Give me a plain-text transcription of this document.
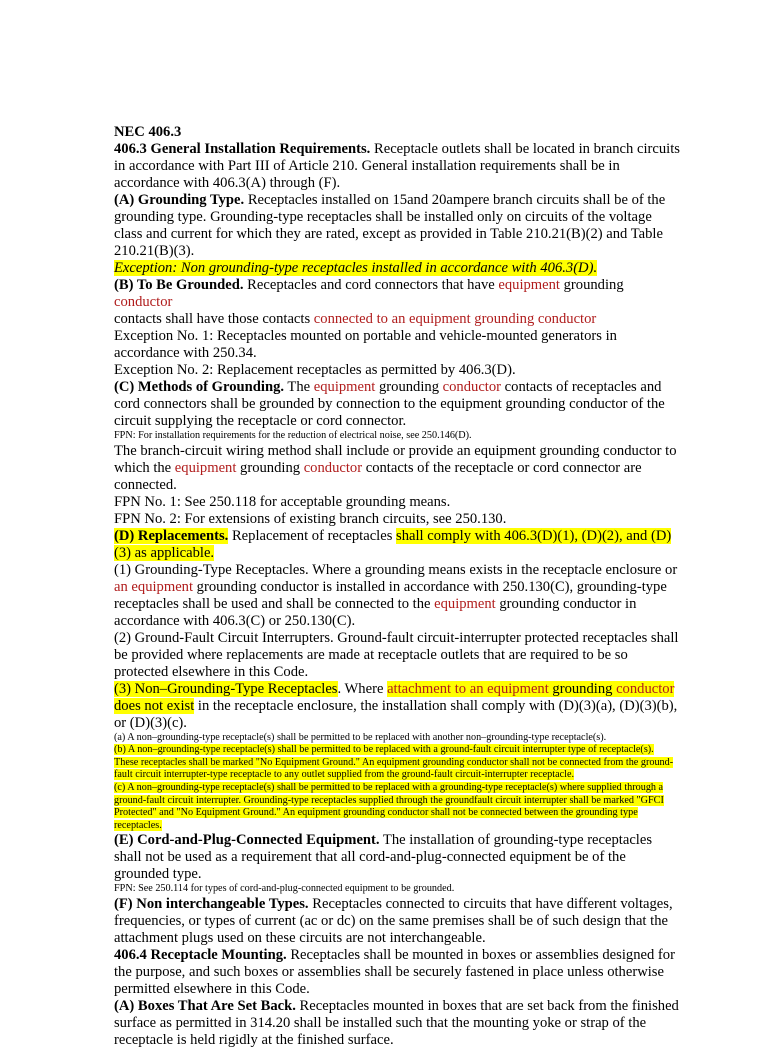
NEC 406.3

406.3 General Installation Requirements. Receptacle outlets shall be located in branch circuits in accordance with Part III of Article 210. General installation requirements shall be in accordance with 406.3(A) through (F).

(A) Grounding Type. Receptacles installed on 15and 20ampere branch circuits shall be of the grounding type. Grounding-type receptacles shall be installed only on circuits of the voltage class and current for which they are rated, except as provided in Table 210.21(B)(2) and Table 210.21(B)(3).

Exception: Non grounding-type receptacles installed in accordance with 406.3(D).

(B) To Be Grounded. Receptacles and cord connectors that have equipment grounding conductor
contacts shall have those contacts connected to an equipment grounding conductor

Exception No. 1: Receptacles mounted on portable and vehicle-mounted generators in accordance with 250.34.

Exception No. 2: Replacement receptacles as permitted by 406.3(D).

(C) Methods of Grounding. The equipment grounding conductor contacts of receptacles and cord connectors shall be grounded by connection to the equipment grounding conductor of the circuit supplying the receptacle or cord connector.

FPN: For installation requirements for the reduction of electrical noise, see 250.146(D).

The branch-circuit wiring method shall include or provide an equipment grounding conductor to which the equipment grounding conductor contacts of the receptacle or cord connector are connected.

FPN No. 1: See 250.118 for acceptable grounding means.

FPN No. 2: For extensions of existing branch circuits, see 250.130.

(D) Replacements. Replacement of receptacles shall comply with 406.3(D)(1), (D)(2), and (D)(3) as applicable.

(1) Grounding-Type Receptacles. Where a grounding means exists in the receptacle enclosure or an equipment grounding conductor is installed in accordance with 250.130(C), grounding-type receptacles shall be used and shall be connected to the equipment grounding conductor in accordance with 406.3(C) or 250.130(C).

(2) Ground-Fault Circuit Interrupters. Ground-fault circuit-interrupter protected receptacles shall be provided where replacements are made at receptacle outlets that are required to be so protected elsewhere in this Code.

(3) Non–Grounding-Type Receptacles. Where attachment to an equipment grounding conductor does not exist in the receptacle enclosure, the installation shall comply with (D)(3)(a), (D)(3)(b), or (D)(3)(c).

(a) A non–grounding-type receptacle(s) shall be permitted to be replaced with another non–grounding-type receptacle(s).

(b) A non–grounding-type receptacle(s) shall be permitted to be replaced with a ground-fault circuit interrupter type of receptacle(s). These receptacles shall be marked "No Equipment Ground." An equipment grounding conductor shall not be connected from the ground-fault circuit interrupter-type receptacle to any outlet supplied from the ground-fault circuit-interrupter receptacle.

(c) A non–grounding-type receptacle(s) shall be permitted to be replaced with a grounding-type receptacle(s) where supplied through a ground-fault circuit interrupter. Grounding-type receptacles supplied through the groundfault circuit interrupter shall be marked "GFCI Protected" and "No Equipment Ground." An equipment grounding conductor shall not be connected between the grounding type receptacles.

(E) Cord-and-Plug-Connected Equipment. The installation of grounding-type receptacles shall not be used as a requirement that all cord-and-plug-connected equipment be of the grounded type.

FPN: See 250.114 for types of cord-and-plug-connected equipment to be grounded.

(F) Non interchangeable Types. Receptacles connected to circuits that have different voltages, frequencies, or types of current (ac or dc) on the same premises shall be of such design that the attachment plugs used on these circuits are not interchangeable.

406.4 Receptacle Mounting. Receptacles shall be mounted in boxes or assemblies designed for the purpose, and such boxes or assemblies shall be securely fastened in place unless otherwise permitted elsewhere in this Code.

(A) Boxes That Are Set Back. Receptacles mounted in boxes that are set back from the finished surface as permitted in 314.20 shall be installed such that the mounting yoke or strap of the receptacle is held rigidly at the finished surface.
